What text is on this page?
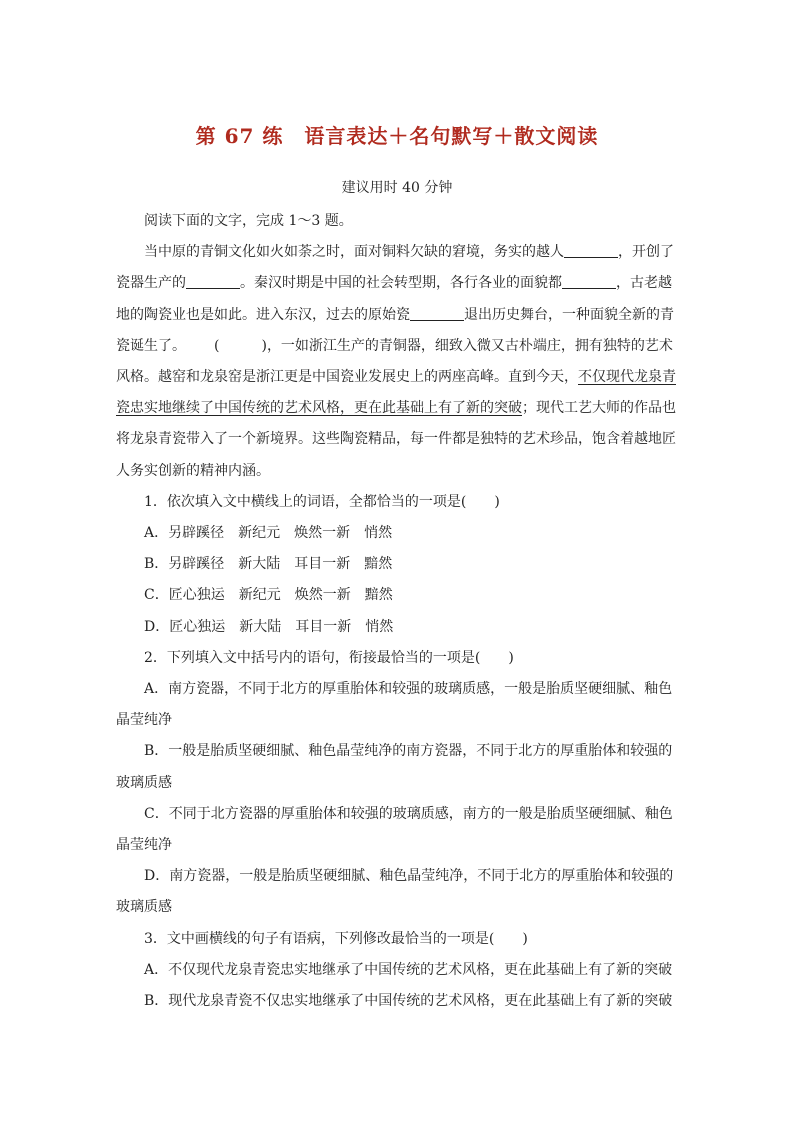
第 67 练　语言表达＋名句默写＋散文阅读
建议用时 40 分钟

阅读下面的文字，完成 1～3 题。

当中原的青铜文化如火如荼之时，面对铜料欠缺的窘境，务实的越人	，开创了瓷器生产的	。秦汉时期是中国的社会转型期，各行各业的面貌都	，古老越地的陶瓷业也是如此。进入东汉，过去的原始瓷	退出历史舞台，一种面貌全新的青瓷诞生了。 (　　　)，一如浙江生产的青铜器，细致入微又古朴端庄，拥有独特的艺术风格。越窑和龙泉窑是浙江更是中国瓷业发展史上的两座高峰。直到今天，不仅现代龙泉青瓷忠实地继续了中国传统的艺术风格，更在此基础上有了新的突破；现代工艺大师的作品也将龙泉青瓷带入了一个新境界。这些陶瓷精品，每一件都是独特的艺术珍品，饱含着越地匠人务实创新的精神内涵。

1．依次填入文中横线上的词语，全都恰当的一项是(　　)

A．另辟蹊径　新纪元　焕然一新　悄然

B．另辟蹊径　新大陆　耳目一新　黯然

C．匠心独运　新纪元　焕然一新　黯然

D．匠心独运　新大陆　耳目一新　悄然

2．下列填入文中括号内的语句，衔接最恰当的一项是(　　)

A．南方瓷器，不同于北方的厚重胎体和较强的玻璃质感，一般是胎质坚硬细腻、釉色晶莹纯净

B．一般是胎质坚硬细腻、釉色晶莹纯净的南方瓷器，不同于北方的厚重胎体和较强的玻璃质感

C．不同于北方瓷器的厚重胎体和较强的玻璃质感，南方的一般是胎质坚硬细腻、釉色晶莹纯净

D．南方瓷器，一般是胎质坚硬细腻、釉色晶莹纯净，不同于北方的厚重胎体和较强的玻璃质感

3．文中画横线的句子有语病，下列修改最恰当的一项是(　　)

A．不仅现代龙泉青瓷忠实地继承了中国传统的艺术风格，更在此基础上有了新的突破

B．现代龙泉青瓷不仅忠实地继承了中国传统的艺术风格，更在此基础上有了新的突破
